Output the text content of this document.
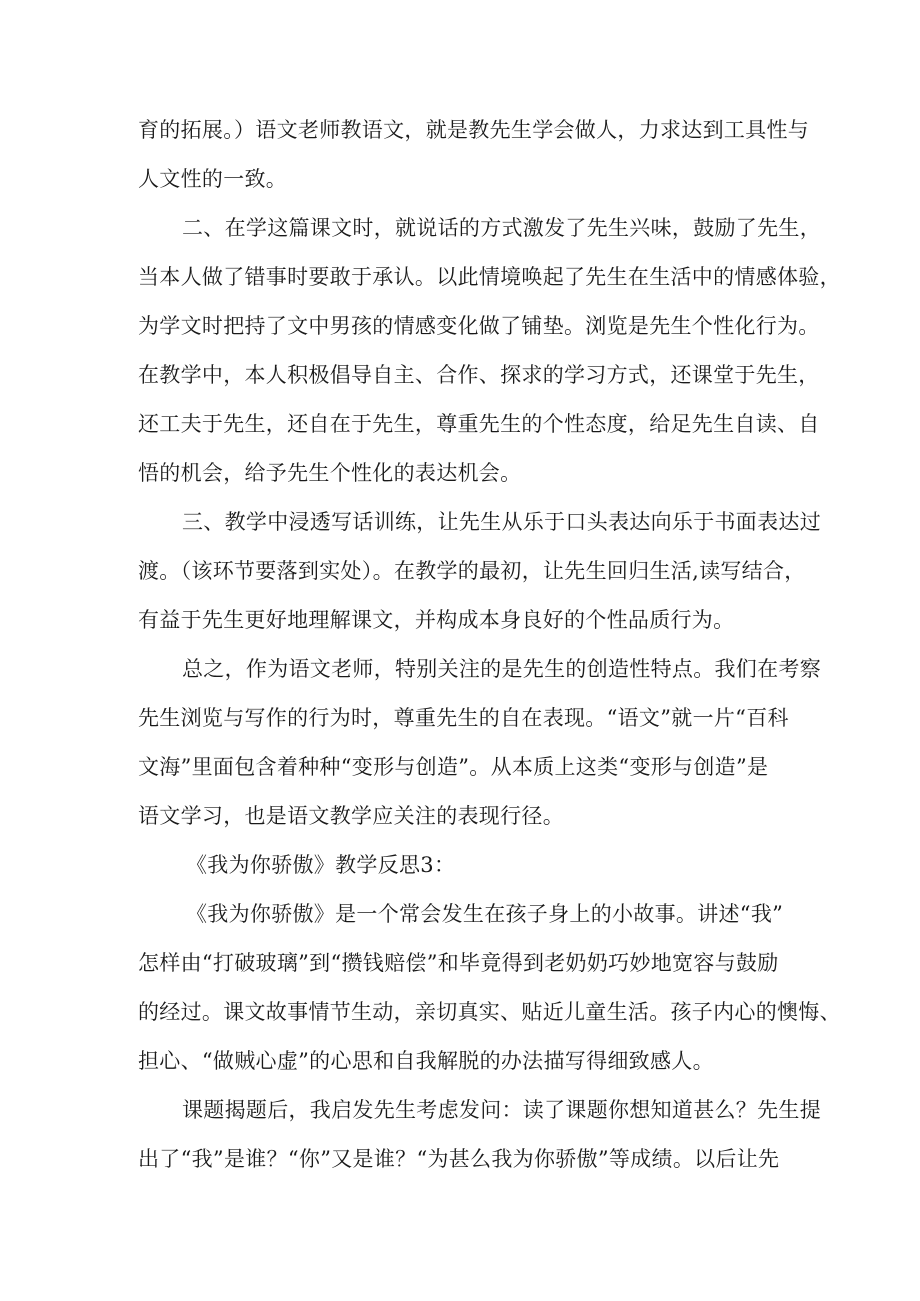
育的拓展。）语文老师教语文，就是教先生学会做人，力求达到工具性与
人文性的一致。
二、在学这篇课文时，就说话的方式激发了先生兴味，鼓励了先生，
当本人做了错事时要敢于承认。以此情境唤起了先生在生活中的情感体验，
为学文时把持了文中男孩的情感变化做了铺垫。浏览是先生个性化行为。
在教学中，本人积极倡导自主、合作、探求的学习方式，还课堂于先生，
还工夫于先生，还自在于先生，尊重先生的个性态度，给足先生自读、自
悟的机会，给予先生个性化的表达机会。
三、教学中浸透写话训练，让先生从乐于口头表达向乐于书面表达过
渡。（该环节要落到实处）。在教学的最初，让先生回归生活,读写结合，
有益于先生更好地理解课文，并构成本身良好的个性品质行为。
总之，作为语文老师，特别关注的是先生的创造性特点。我们在考察
先生浏览与写作的行为时，尊重先生的自在表现。“语文”就一片“百科
文海”里面包含着种种“变形与创造”。从本质上这类“变形与创造”是
语文学习，也是语文教学应关注的表现行径。
《我为你骄傲》教学反思3：
《我为你骄傲》是一个常会发生在孩子身上的小故事。讲述“我”
怎样由“打破玻璃”到“攒钱赔偿”和毕竟得到老奶奶巧妙地宽容与鼓励
的经过。课文故事情节生动，亲切真实、贴近儿童生活。孩子内心的懊悔、
担心、“做贼心虚”的心思和自我解脱的办法描写得细致感人。
课题揭题后，我启发先生考虑发问：读了课题你想知道甚么？先生提
出了“我”是谁？“你”又是谁？“为甚么我为你骄傲”等成绩。以后让先
